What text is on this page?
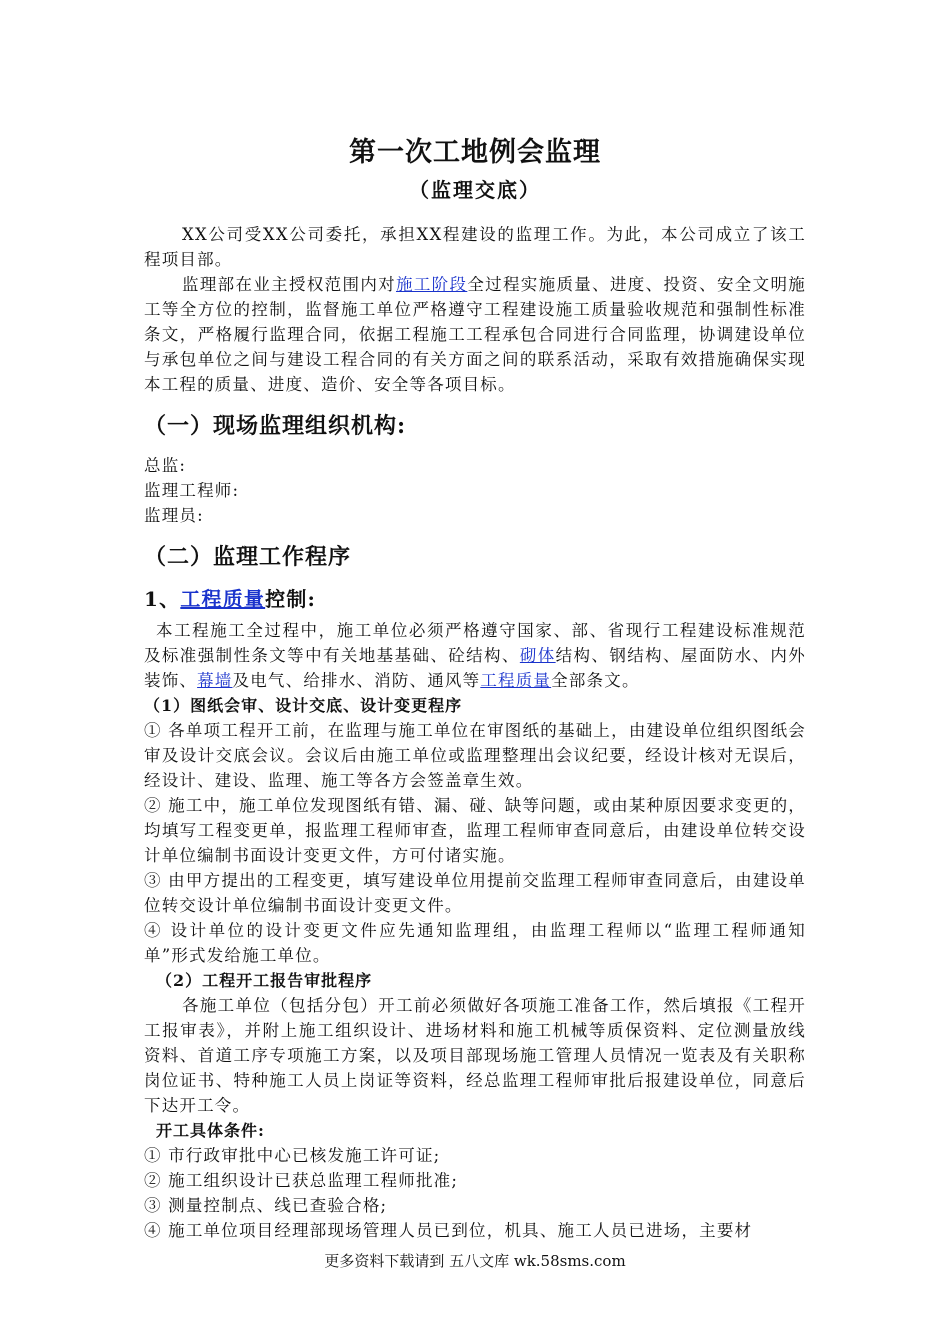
第一次工地例会监理
（监理交底）

XX公司受XX公司委托，承担XX程建设的监理工作。为此，本公司成立了该工程项目部。

监理部在业主授权范围内对施工阶段全过程实施质量、进度、投资、安全文明施工等全方位的控制，监督施工单位严格遵守工程建设施工质量验收规范和强制性标准条文，严格履行监理合同，依据工程施工工程承包合同进行合同监理，协调建设单位与承包单位之间与建设工程合同的有关方面之间的联系活动，采取有效措施确保实现本工程的质量、进度、造价、安全等各项目标。

（一）现场监理组织机构:

总监:

监理工程师:

监理员:

（二）监理工作程序
1、工程质量控制:

本工程施工全过程中，施工单位必须严格遵守国家、部、省现行工程建设标准规范及标准强制性条文等中有关地基基础、砼结构、砌体结构、钢结构、屋面防水、内外装饰、幕墙及电气、给排水、消防、通风等工程质量全部条文。

（1）图纸会审、设计交底、设计变更程序

① 各单项工程开工前，在监理与施工单位在审图纸的基础上，由建设单位组织图纸会审及设计交底会议。会议后由施工单位或监理整理出会议纪要，经设计核对无误后，经设计、建设、监理、施工等各方会签盖章生效。

② 施工中，施工单位发现图纸有错、漏、碰、缺等问题，或由某种原因要求变更的，均填写工程变更单，报监理工程师审查，监理工程师审查同意后，由建设单位转交设计单位编制书面设计变更文件，方可付诸实施。

③ 由甲方提出的工程变更，填写建设单位用提前交监理工程师审查同意后，由建设单位转交设计单位编制书面设计变更文件。

④ 设计单位的设计变更文件应先通知监理组，由监理工程师以“监理工程师通知单”形式发给施工单位。

（2）工程开工报告审批程序

各施工单位（包括分包）开工前必须做好各项施工准备工作，然后填报《工程开工报审表》，并附上施工组织设计、进场材料和施工机械等质保资料、定位测量放线资料、首道工序专项施工方案，以及项目部现场施工管理人员情况一览表及有关职称岗位证书、特种施工人员上岗证等资料，经总监理工程师审批后报建设单位，同意后下达开工令。

开工具体条件:

① 市行政审批中心已核发施工许可证;

② 施工组织设计已获总监理工程师批准;

③ 测量控制点、线已查验合格;

④ 施工单位项目经理部现场管理人员已到位，机具、施工人员已进场，主要材

更多资料下载请到 五八文库 wk.58sms.com
